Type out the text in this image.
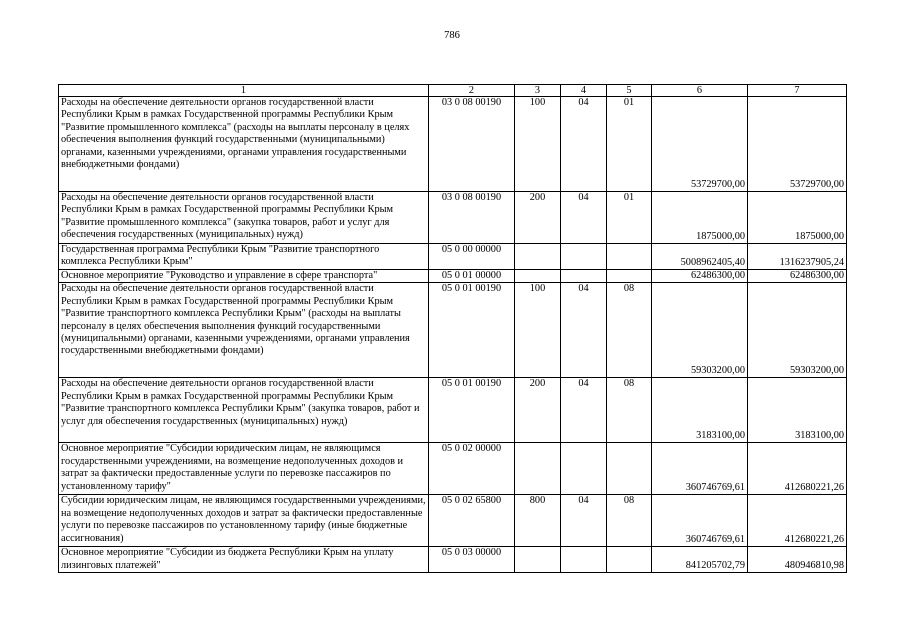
786
1	2	3	4	5	6	7
Расходы на обеспечение деятельности органов государственной власти Республики Крым в рамках Государственной программы Республики Крым "Развитие промышленного комплекса" (расходы на выплаты персоналу в целях обеспечения выполнения функций государственными (муниципальными) органами, казенными учреждениями, органами управления государственными внебюджетными фондами)	03 0 08 00190	100	04	01	53729700,00	53729700,00
Расходы на обеспечение деятельности органов государственной власти Республики Крым в рамках Государственной программы Республики Крым "Развитие промышленного комплекса" (закупка товаров, работ и услуг для обеспечения государственных (муниципальных) нужд)	03 0 08 00190	200	04	01	1875000,00	1875000,00
Государственная программа Республики Крым "Развитие транспортного комплекса Республики Крым"	05 0 00 00000				5008962405,40	1316237905,24
Основное мероприятие "Руководство и управление в сфере транспорта"	05 0 01 00000				62486300,00	62486300,00
Расходы на обеспечение деятельности органов государственной власти Республики Крым в рамках Государственной программы Республики Крым "Развитие транспортного комплекса Республики Крым" (расходы на выплаты персоналу в целях обеспечения выполнения функций государственными (муниципальными) органами, казенными учреждениями, органами управления государственными внебюджетными фондами)	05 0 01 00190	100	04	08	59303200,00	59303200,00
Расходы на обеспечение деятельности органов государственной власти Республики Крым в рамках Государственной программы Республики Крым "Развитие транспортного комплекса Республики Крым" (закупка товаров, работ и услуг для обеспечения государственных (муниципальных) нужд)	05 0 01 00190	200	04	08	3183100,00	3183100,00
Основное мероприятие "Субсидии юридическим лицам, не являющимся государственными учреждениями, на возмещение недополученных доходов и затрат за фактически предоставленные услуги по перевозке пассажиров по установленному тарифу"	05 0 02 00000				360746769,61	412680221,26
Субсидии юридическим лицам, не являющимся государственными учреждениями, на возмещение недополученных доходов и затрат за фактически предоставленные услуги по перевозке пассажиров по установленному тарифу (иные бюджетные ассигнования)	05 0 02 65800	800	04	08	360746769,61	412680221,26
Основное мероприятие "Субсидии из бюджета Республики Крым на уплату лизинговых платежей"	05 0 03 00000				841205702,79	480946810,98
